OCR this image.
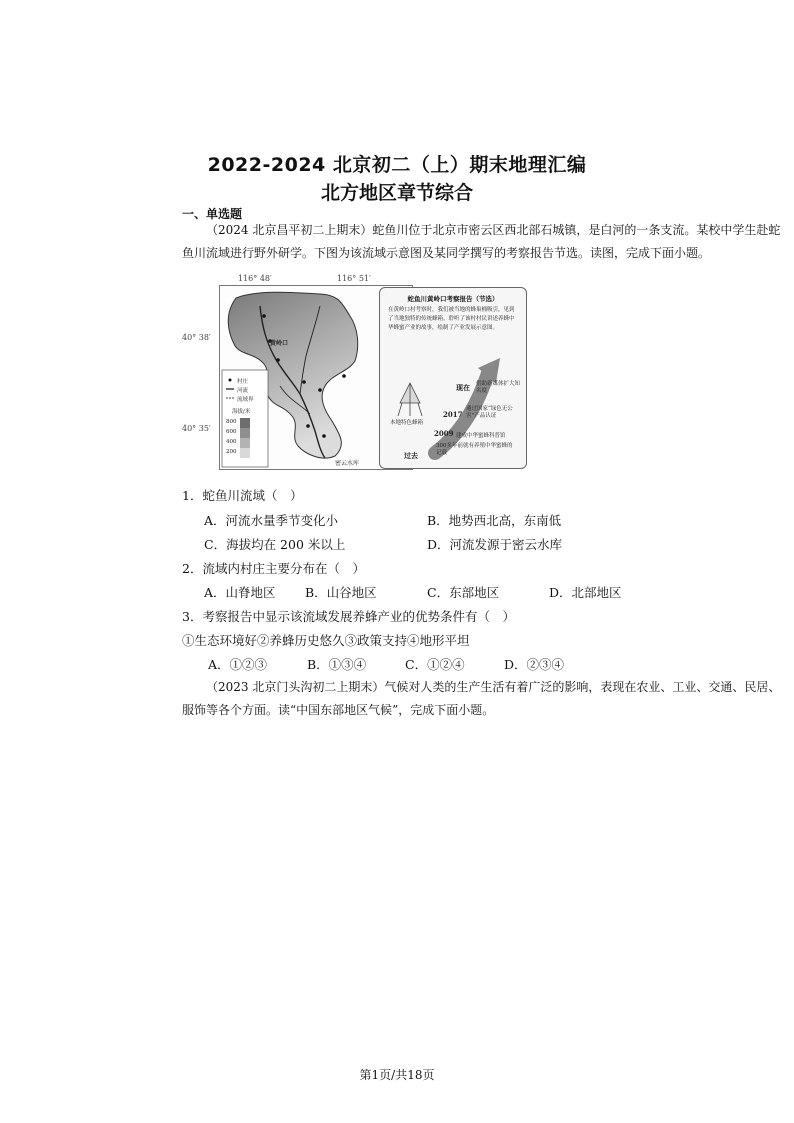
2022-2024 北京初二（上）期末地理汇编
北方地区章节综合
一、单选题
（2024 北京昌平初二上期末）蛇鱼川位于北京市密云区西北部石城镇，是白河的一条支流。某校中学生赴蛇鱼川流域进行野外研学。下图为该流域示意图及某同学撰写的考察报告节选。读图，完成下面小题。
116° 48′	116° 51′
40° 38′
40° 35′
黄岭口
密云水库
村庄
河流
流域界
海拔/米
800
600
400
200
蛇鱼川黄岭口考察报告（节选）
在黄岭口村考察时，我们被当地的蜂巢桶吸引，见到了当地独特的传统蜂箱。聆听了该村村民讲述养蜂中华蜂蜜产业的故事，绘制了产业发展示意图。
本地特色蜂箱
现在 借助新媒体扩大知名度
2017
通过国家“绿色无公害”产品认证
2009 建成中华蜜蜂科普馆
过去
300多年前就有养殖中华蜜蜂的记载
1．蛇鱼川流域（　）
A．河流水量季节变化小	B．地势西北高，东南低
C．海拔均在 200 米以上	D．河流发源于密云水库
2．流域内村庄主要分布在（　）
A．山脊地区 B．山谷地区	C．东部地区	D．北部地区
3．考察报告中显示该流域发展养蜂产业的优势条件有（　）
①生态环境好②养蜂历史悠久③政策支持④地形平坦
A．①②③	B．①③④	C．①②④	D．②③④
（2023 北京门头沟初二上期末）气候对人类的生产生活有着广泛的影响，表现在农业、工业、交通、民居、服饰等各个方面。读“中国东部地区气候”，完成下面小题。
第1页/共18页
